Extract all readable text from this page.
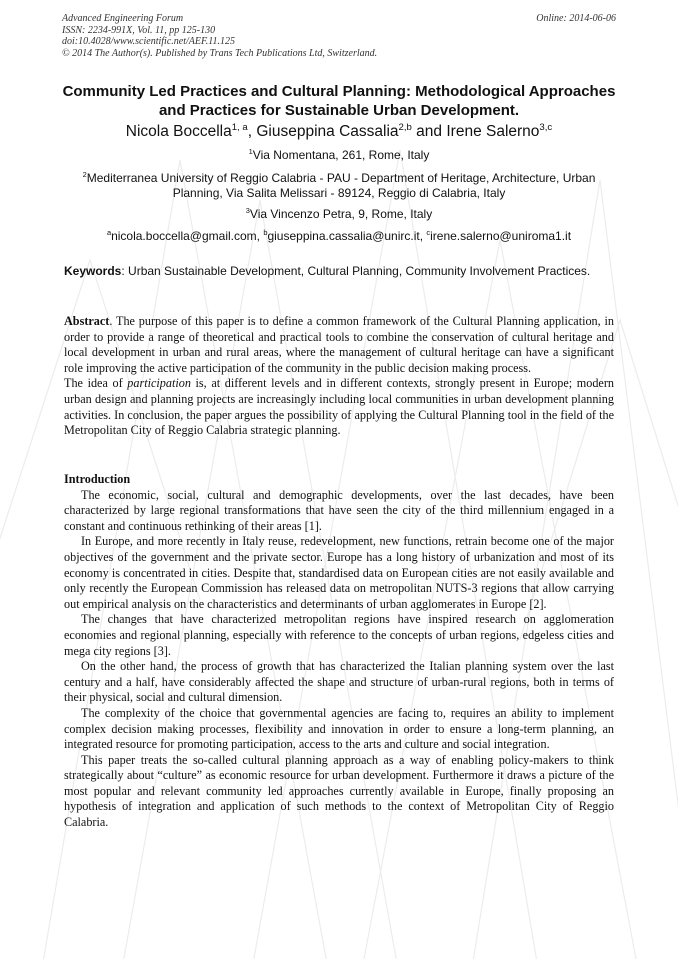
Advanced Engineering Forum
ISSN: 2234-991X, Vol. 11, pp 125-130
doi:10.4028/www.scientific.net/AEF.11.125
© 2014 The Author(s). Published by Trans Tech Publications Ltd, Switzerland.
Online: 2014-06-06
Community Led Practices and Cultural Planning: Methodological Approaches and Practices for Sustainable Urban Development.
Nicola Boccella$^{1, a}$, Giuseppina Cassalia$^{2,b}$ and Irene Salerno$^{3,c}$
$^1$Via Nomentana, 261, Rome, Italy
$^2$Mediterranea University of Reggio Calabria - PAU - Department of Heritage, Architecture, Urban Planning, Via Salita Melissari - 89124, Reggio di Calabria, Italy
$^3$Via Vincenzo Petra, 9, Rome, Italy
$^a$nicola.boccella@gmail.com, $^b$giuseppina.cassalia@unirc.it, $^c$irene.salerno@uniroma1.it
Keywords: Urban Sustainable Development, Cultural Planning, Community Involvement Practices.

Abstract. The purpose of this paper is to define a common framework of the Cultural Planning application, in order to provide a range of theoretical and practical tools to combine the conservation of cultural heritage and local development in urban and rural areas, where the management of cultural heritage can have a significant role improving the active participation of the community in the public decision making process.

The idea of participation is, at different levels and in different contexts, strongly present in Europe; modern urban design and planning projects are increasingly including local communities in urban development planning activities. In conclusion, the paper argues the possibility of applying the Cultural Planning tool in the field of the Metropolitan City of Reggio Calabria strategic planning.

Introduction

The economic, social, cultural and demographic developments, over the last decades, have been characterized by large regional transformations that have seen the city of the third millennium engaged in a constant and continuous rethinking of their areas [1].

In Europe, and more recently in Italy reuse, redevelopment, new functions, retrain become one of the major objectives of the government and the private sector. Europe has a long history of urbanization and most of its economy is concentrated in cities. Despite that, standardised data on European cities are not easily available and only recently the European Commission has released data on metropolitan NUTS-3 regions that allow carrying out empirical analysis on the characteristics and determinants of urban agglomerates in Europe [2].

The changes that have characterized metropolitan regions have inspired research on agglomeration economies and regional planning, especially with reference to the concepts of urban regions, edgeless cities and mega city regions [3].

On the other hand, the process of growth that has characterized the Italian planning system over the last century and a half, have considerably affected the shape and structure of urban-rural regions, both in terms of their physical, social and cultural dimension.

The complexity of the choice that governmental agencies are facing to, requires an ability to implement complex decision making processes, flexibility and innovation in order to ensure a long-term planning, an integrated resource for promoting participation, access to the arts and culture and social integration.

This paper treats the so-called cultural planning approach as a way of enabling policy-makers to think strategically about “culture” as economic resource for urban development. Furthermore it draws a picture of the most popular and relevant community led approaches currently available in Europe, finally proposing an hypothesis of integration and application of such methods to the context of Metropolitan City of Reggio Calabria.
